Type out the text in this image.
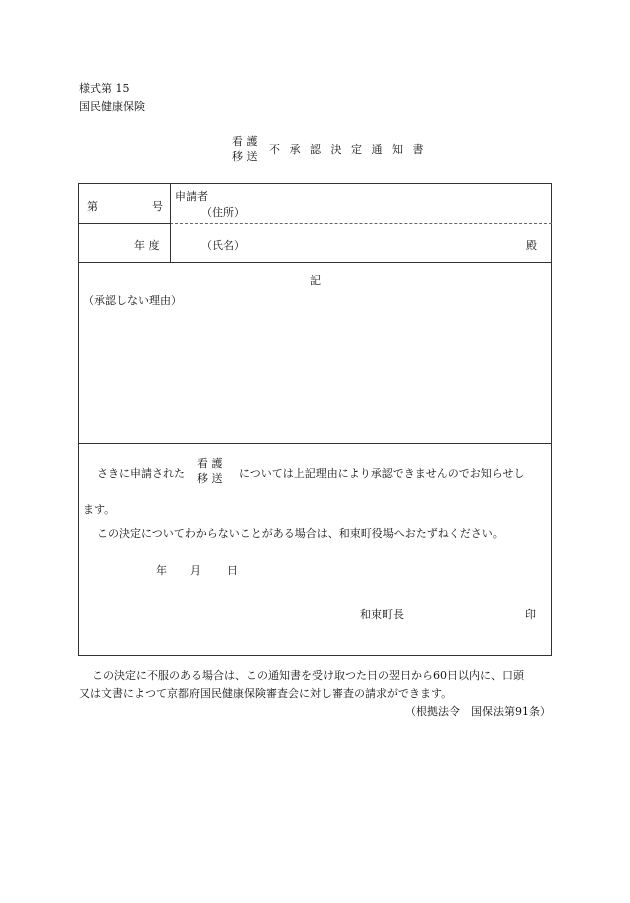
様式第 15
国民健康保険
看 護
移 送 不 承 認 決 定 通 知 書
第	号
申請者
（住所）
年 度	（氏名）	殿
記
（承認しない理由）
さきに申請された
看 護
移 送 については上記理由により承認できませんのでお知らせし
ます。
この決定についてわからないことがある場合は、和束町役場へおたずねください。
年 月 日
和束町長	印
この決定に不服のある場合は、この通知書を受け取つた日の翌日から60日以内に、口頭
又は文書によつて京都府国民健康保険審査会に対し審査の請求ができます。
（根拠法令　国保法第91条）
